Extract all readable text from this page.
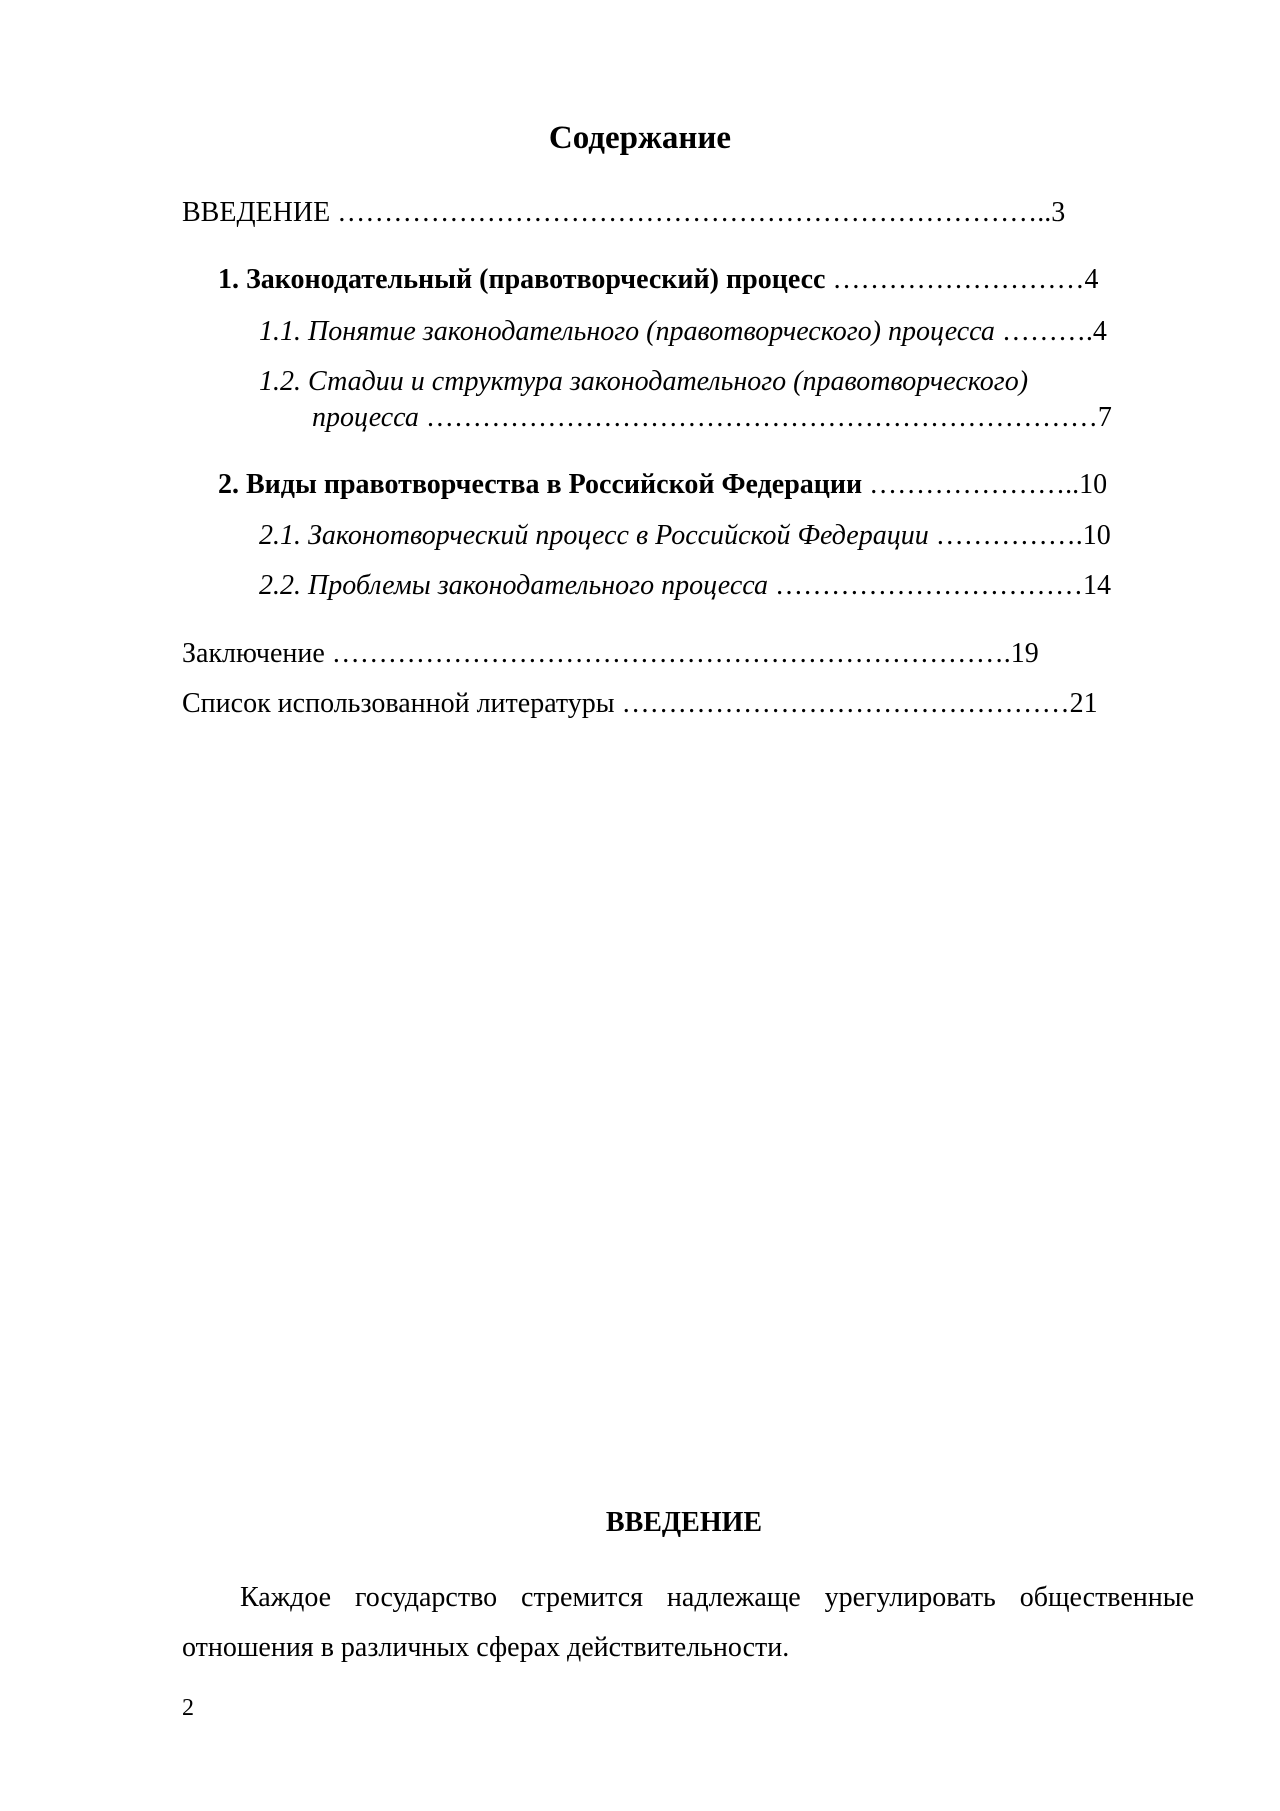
Содержание
ВВЕДЕНИЕ …………………………………………………………………..3
1. Законодательный (правотворческий) процесс ………………………4
1.1. Понятие законодательного (правотворческого) процесса ……….4
1.2. Стадии и структура законодательного (правотворческого)
процесса ………………………………………………………………7
2. Виды правотворчества в Российской Федерации …………………..10
2.1. Законотворческий процесс в Российской Федерации …………….10
2.2. Проблемы законодательного процесса ……………………………14
Заключение ……………………………………………………………….19
Список использованной литературы …………………………………………21
ВВЕДЕНИЕ

Каждое государство стремится надлежаще урегулировать общественные отношения в различных сферах действительности.

2
